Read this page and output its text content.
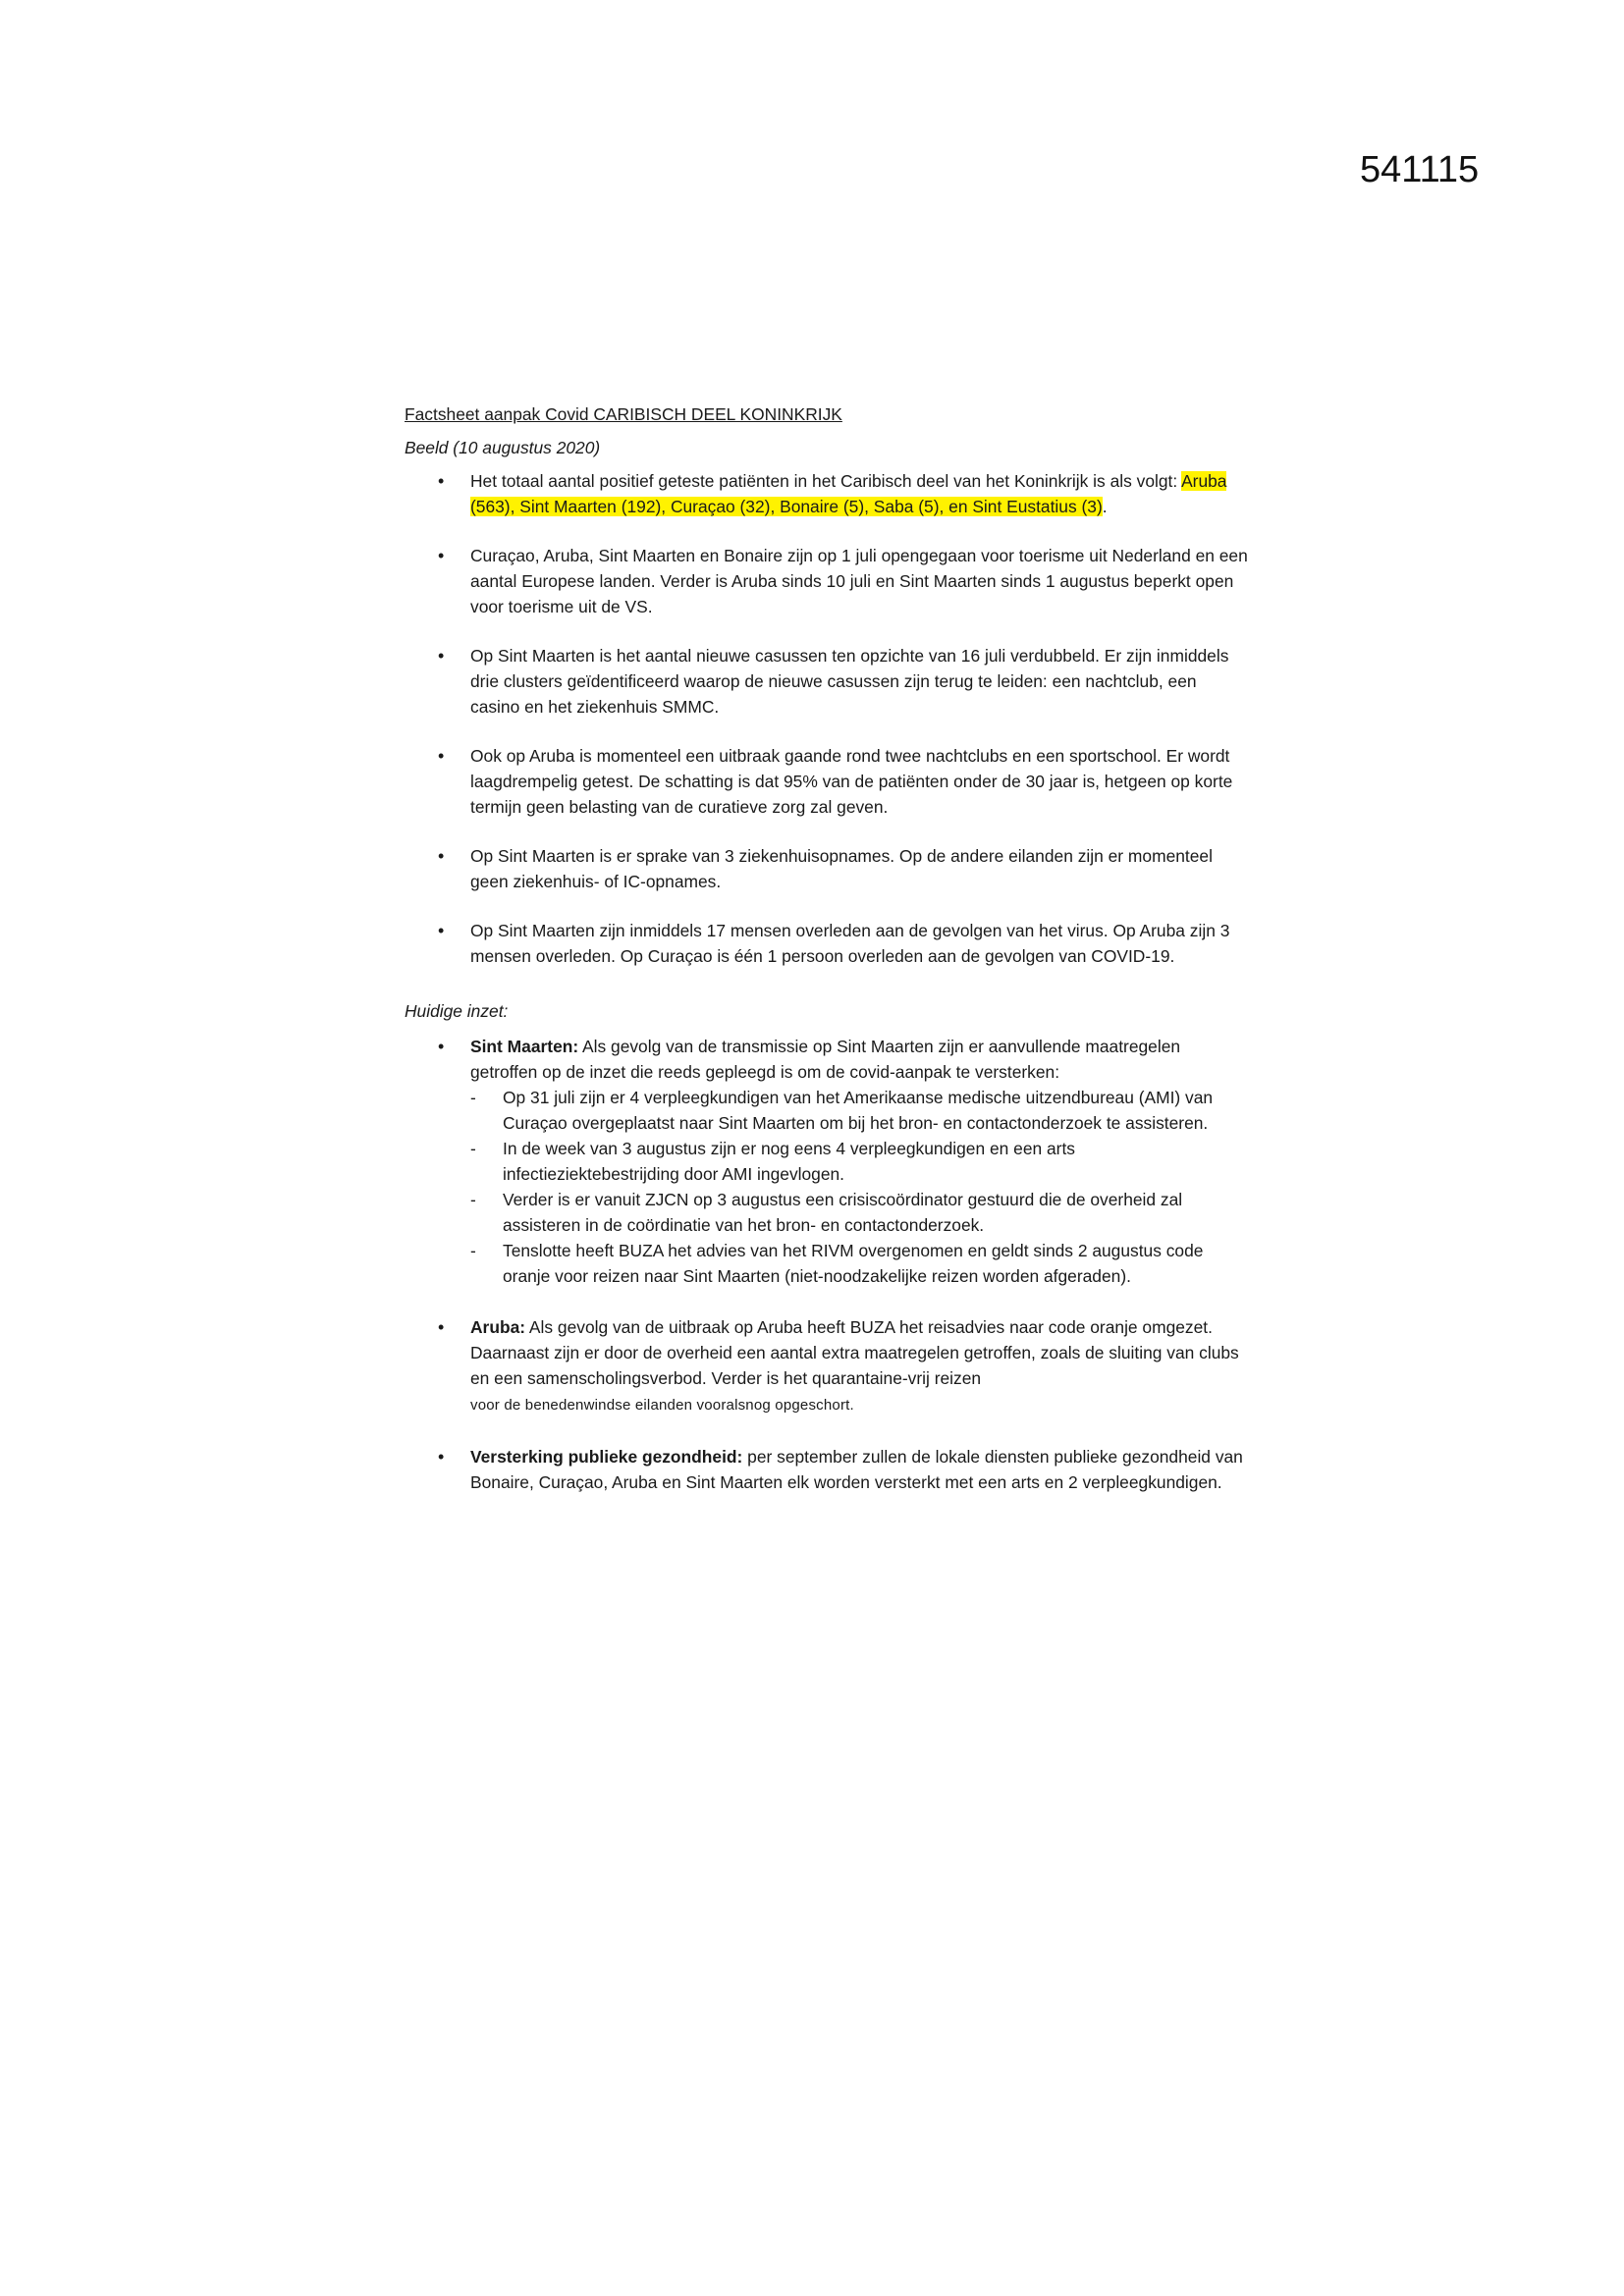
541115
Factsheet aanpak Covid CARIBISCH DEEL KONINKRIJK
Beeld (10 augustus 2020)
• Het totaal aantal positief geteste patiënten in het Caribisch deel van het Koninkrijk is als volgt: Aruba (563), Sint Maarten (192), Curaçao (32), Bonaire (5), Saba (5), en Sint Eustatius (3).
• Curaçao, Aruba, Sint Maarten en Bonaire zijn op 1 juli opengegaan voor toerisme uit Nederland en een aantal Europese landen. Verder is Aruba sinds 10 juli en Sint Maarten sinds 1 augustus beperkt open voor toerisme uit de VS.
• Op Sint Maarten is het aantal nieuwe casussen ten opzichte van 16 juli verdubbeld. Er zijn inmiddels drie clusters geïdentificeerd waarop de nieuwe casussen zijn terug te leiden: een nachtclub, een casino en het ziekenhuis SMMC.
• Ook op Aruba is momenteel een uitbraak gaande rond twee nachtclubs en een sportschool. Er wordt laagdrempelig getest. De schatting is dat 95% van de patiënten onder de 30 jaar is, hetgeen op korte termijn geen belasting van de curatieve zorg zal geven.
• Op Sint Maarten is er sprake van 3 ziekenhuisopnames. Op de andere eilanden zijn er momenteel geen ziekenhuis- of IC-opnames.
• Op Sint Maarten zijn inmiddels 17 mensen overleden aan de gevolgen van het virus. Op Aruba zijn 3 mensen overleden. Op Curaçao is één 1 persoon overleden aan de gevolgen van COVID-19.
Huidige inzet:
• Sint Maarten: Als gevolg van de transmissie op Sint Maarten zijn er aanvullende maatregelen getroffen op de inzet die reeds gepleegd is om de covid-aanpak te versterken:
- Op 31 juli zijn er 4 verpleegkundigen van het Amerikaanse medische uitzendbureau (AMI) van Curaçao overgeplaatst naar Sint Maarten om bij het bron- en contactonderzoek te assisteren.
- In de week van 3 augustus zijn er nog eens 4 verpleegkundigen en een arts infectieziektebestrijding door AMI ingevlogen.
- Verder is er vanuit ZJCN op 3 augustus een crisiscoördinator gestuurd die de overheid zal assisteren in de coördinatie van het bron- en contactonderzoek.
- Tenslotte heeft BUZA het advies van het RIVM overgenomen en geldt sinds 2 augustus code oranje voor reizen naar Sint Maarten (niet-noodzakelijke reizen worden afgeraden).
• Aruba: Als gevolg van de uitbraak op Aruba heeft BUZA het reisadvies naar code oranje omgezet. Daarnaast zijn er door de overheid een aantal extra maatregelen getroffen, zoals de sluiting van clubs en een samenscholingsverbod. Verder is het quarantaine-vrij reizen
voor de benedenwindse eilanden vooralsnog opgeschort.
• Versterking publieke gezondheid: per september zullen de lokale diensten publieke gezondheid van Bonaire, Curaçao, Aruba en Sint Maarten elk worden versterkt met een arts en 2 verpleegkundigen.
